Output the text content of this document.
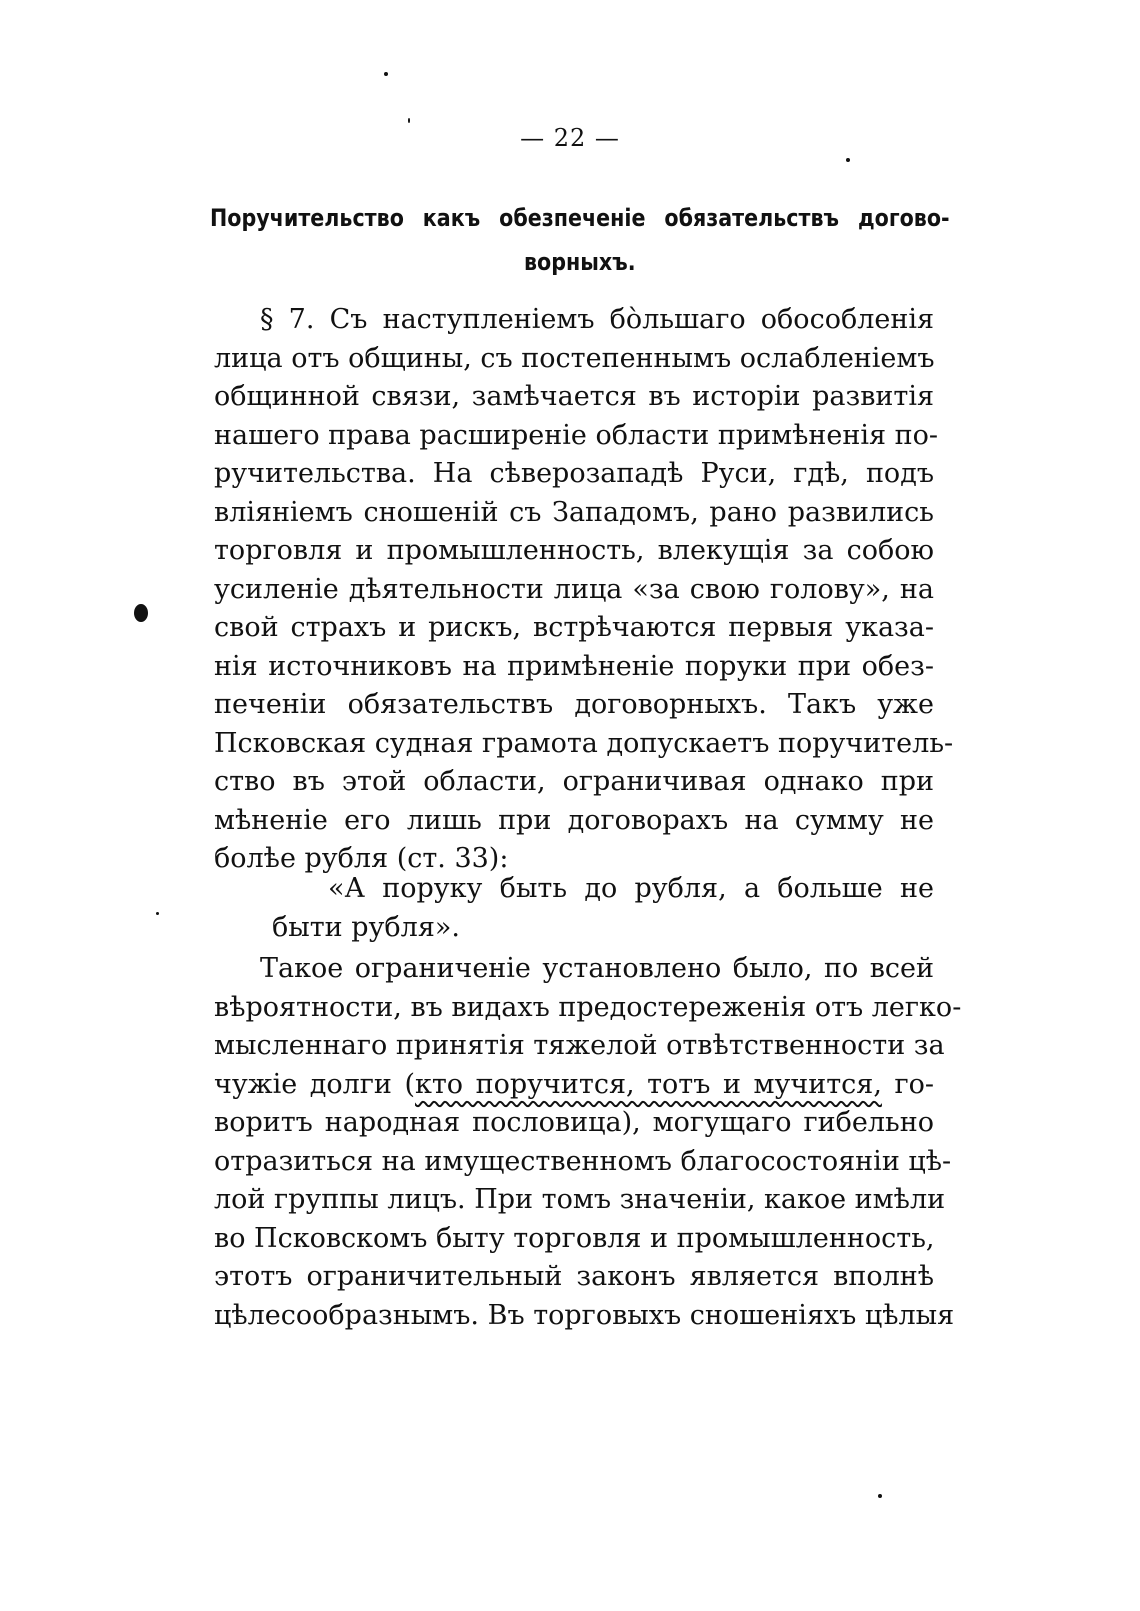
— 22 —
Поручительство какъ обезпеченіе обязательствъ догово-
ворныхъ.
§ 7. Съ наступленіемъ бо̀льшаго обособленія
лица отъ общины, съ постепеннымъ ослабленіемъ
общинной связи, замѣчается въ исторіи развитія
нашего права расширеніе области примѣненія по-
ручительства. На сѣверозападѣ Руси, гдѣ, подъ
вліяніемъ сношеній съ Западомъ, рано развились
торговля и промышленность, влекущія за собою
усиленіе дѣятельности лица «за свою голову», на
свой страхъ и рискъ, встрѣчаются первыя указа-
нія источниковъ на примѣненіе поруки при обез-
печеніи обязательствъ договорныхъ. Такъ уже
Псковская судная грамота допускаетъ поручитель-
ство въ этой области, ограничивая однако при
мѣненіе его лишь при договорахъ на сумму не
болѣе рубля (ст. 33):
«А поруку быть до рубля, а больше не
быти рубля».
Такое ограниченіе установлено было, по всей
вѣроятности, въ видахъ предостереженія отъ легко-
мысленнаго принятія тяжелой отвѣтственности за
чужіе долги (кто поручится, тотъ и мучится, го-
воритъ народная пословица), могущаго гибельно
отразиться на имущественномъ благосостояніи цѣ-
лой группы лицъ. При томъ значеніи, какое имѣли
во Псковскомъ быту торговля и промышленность,
этотъ ограничительный законъ является вполнѣ
цѣлесообразнымъ. Въ торговыхъ сношеніяхъ цѣлыя
